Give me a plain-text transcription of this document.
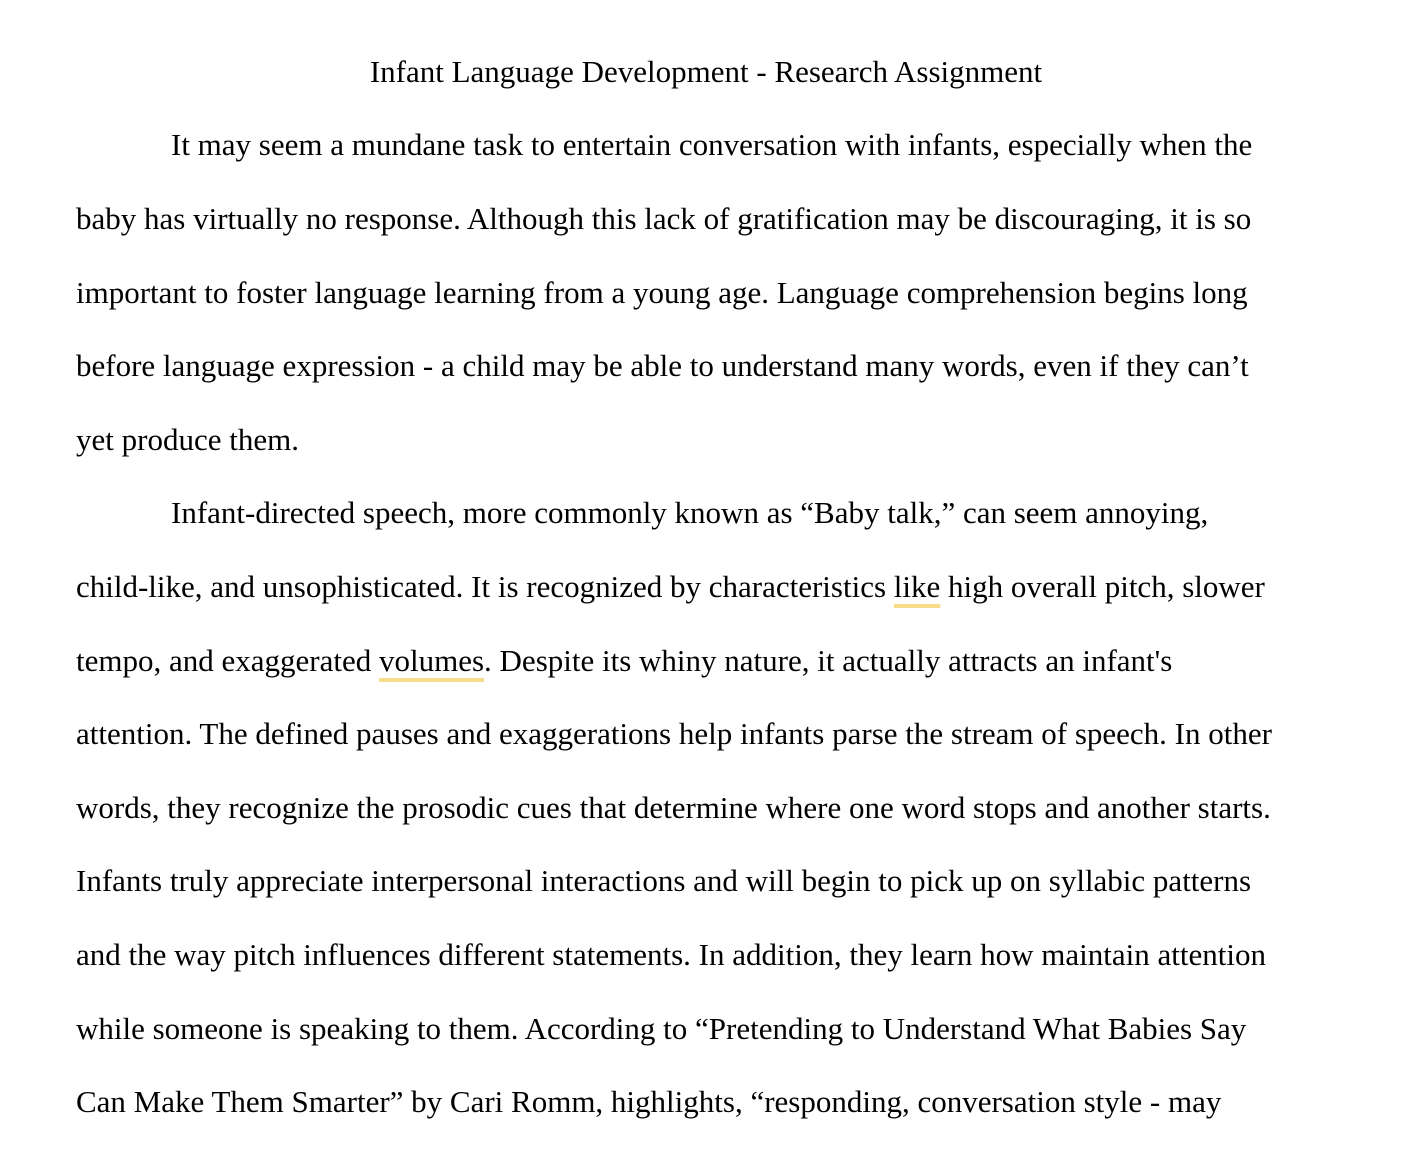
Infant Language Development - Research Assignment
It may seem a mundane task to entertain conversation with infants, especially when the
baby has virtually no response. Although this lack of gratification may be discouraging, it is so
important to foster language learning from a young age. Language comprehension begins long
before language expression - a child may be able to understand many words, even if they can’t
yet produce them.
Infant-directed speech, more commonly known as “Baby talk,” can seem annoying,
child-like, and unsophisticated. It is recognized by characteristics like high overall pitch, slower
tempo, and exaggerated volumes. Despite its whiny nature, it actually attracts an infant's
attention. The defined pauses and exaggerations help infants parse the stream of speech. In other
words, they recognize the prosodic cues that determine where one word stops and another starts.
Infants truly appreciate interpersonal interactions and will begin to pick up on syllabic patterns
and the way pitch influences different statements. In addition, they learn how maintain attention
while someone is speaking to them. According to “Pretending to Understand What Babies Say
Can Make Them Smarter” by Cari Romm, highlights, “responding, conversation style - may
